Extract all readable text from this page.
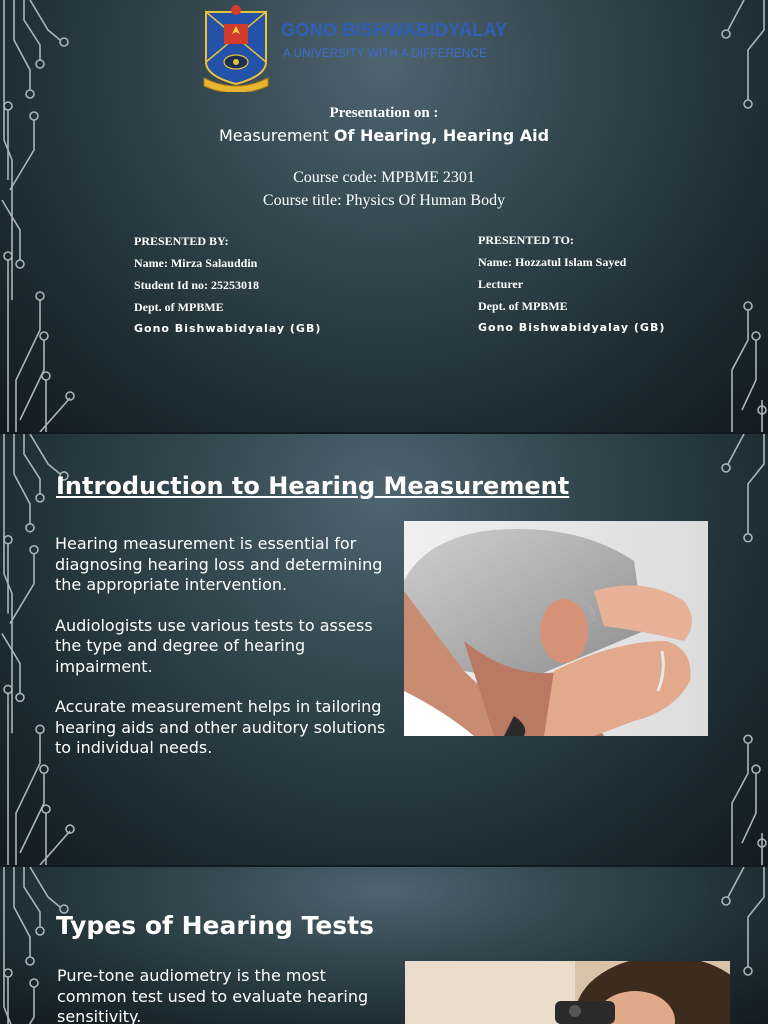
GONO BISHWABIDYALAY
A UNIVERSITY WITH A DIFFERENCE
Presentation on :
Measurement Of Hearing, Hearing Aid
Course code: MPBME 2301
Course title: Physics Of Human Body
PRESENTED BY:
Name: Mirza Salauddin
Student Id no: 25253018
Dept. of MPBME
Gono Bishwabidyalay (GB)
PRESENTED TO:
Name: Hozzatul Islam Sayed
Lecturer
Dept. of MPBME
Gono Bishwabidyalay (GB)
Introduction to Hearing Measurement

Hearing measurement is essential for diagnosing hearing loss and determining the appropriate intervention.

Audiologists use various tests to assess the type and degree of hearing impairment.

Accurate measurement helps in tailoring hearing aids and other auditory solutions to individual needs.

Types of Hearing Tests

Pure-tone audiometry is the most common test used to evaluate hearing sensitivity.
